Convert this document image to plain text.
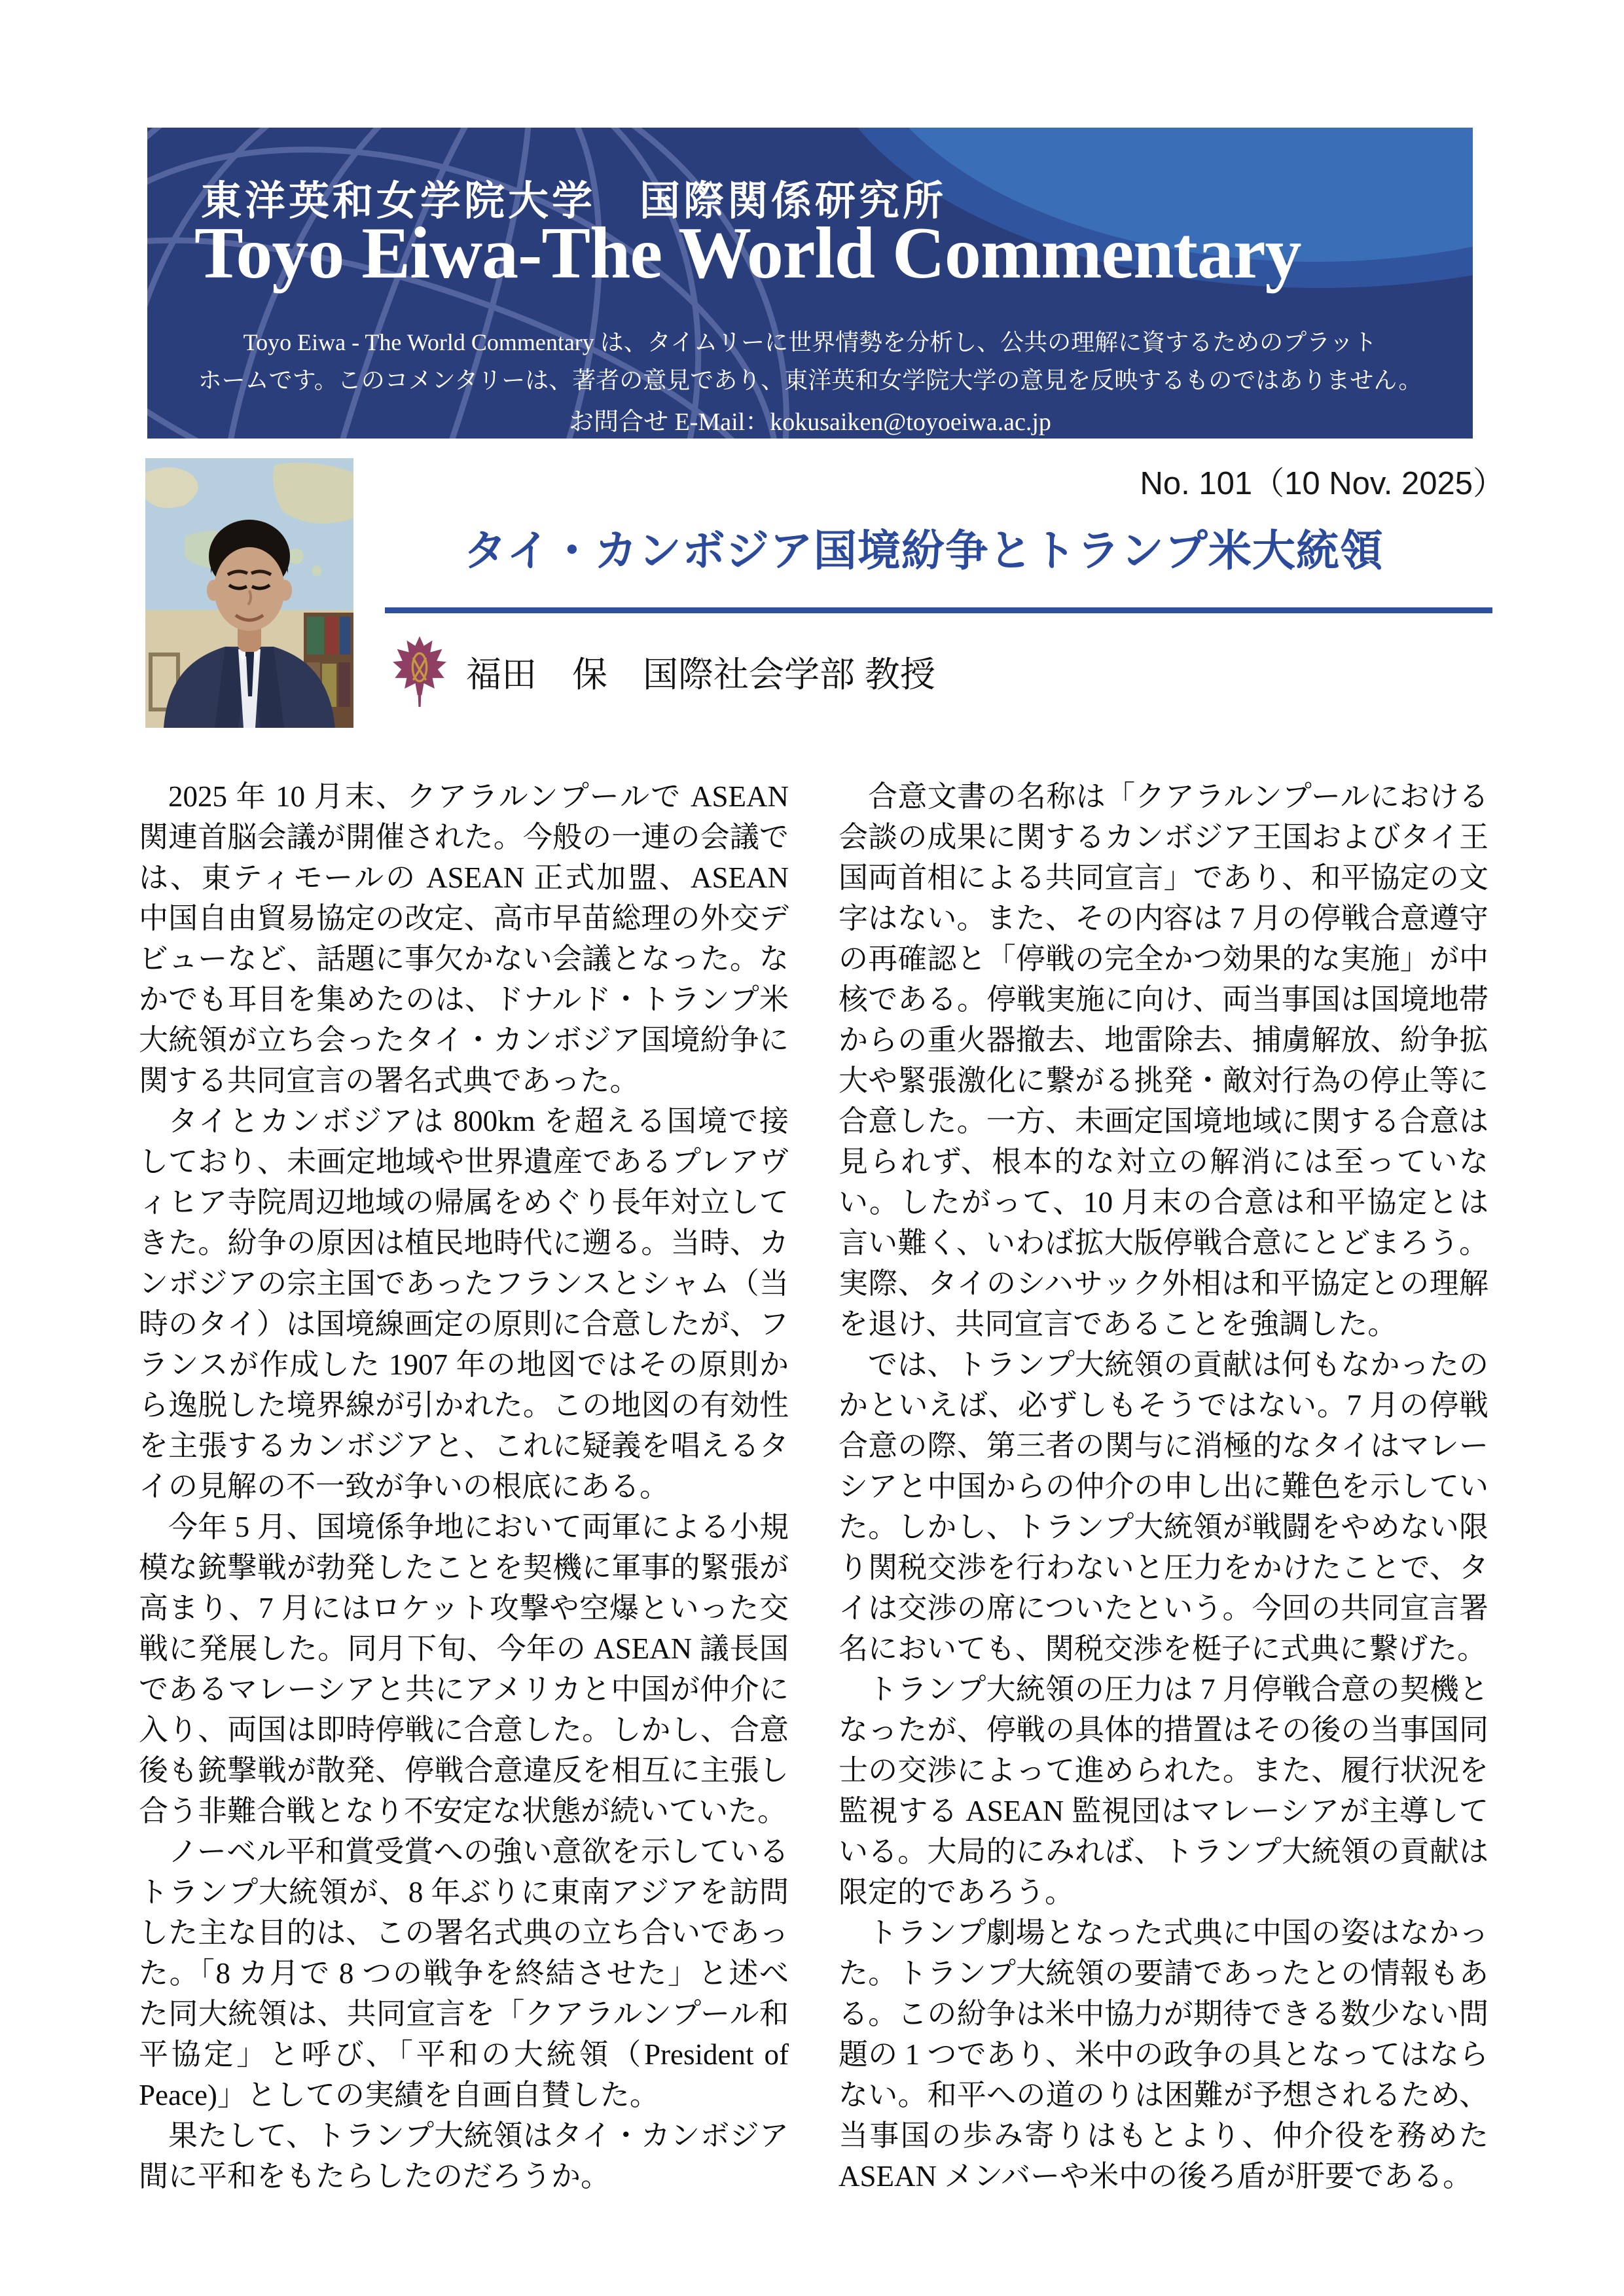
東洋英和女学院大学　国際関係研究所
Toyo Eiwa-The World Commentary
Toyo Eiwa - The World Commentary は、タイムリーに世界情勢を分析し、公共の理解に資するためのプラット
ホームです。このコメンタリーは、著者の意見であり、東洋英和女学院大学の意見を反映するものではありません。
お問合せ E-Mail：kokusaiken@toyoeiwa.ac.jp
No. 101（10 Nov. 2025）
タイ・カンボジア国境紛争とトランプ米大統領
福田　保　国際社会学部 教授

2025 年 10 月末、クアラルンプールで ASEAN 関連首脳会議が開催された。今般の一連の会議では、東ティモールの ASEAN 正式加盟、ASEAN 中国自由貿易協定の改定、高市早苗総理の外交デビューなど、話題に事欠かない会議となった。なかでも耳目を集めたのは、ドナルド・トランプ米大統領が立ち会ったタイ・カンボジア国境紛争に関する共同宣言の署名式典であった。

タイとカンボジアは 800km を超える国境で接しており、未画定地域や世界遺産であるプレアヴィヒア寺院周辺地域の帰属をめぐり長年対立してきた。紛争の原因は植民地時代に遡る。当時、カンボジアの宗主国であったフランスとシャム（当時のタイ）は国境線画定の原則に合意したが、フランスが作成した 1907 年の地図ではその原則から逸脱した境界線が引かれた。この地図の有効性を主張するカンボジアと、これに疑義を唱えるタイの見解の不一致が争いの根底にある。

今年 5 月、国境係争地において両軍による小規模な銃撃戦が勃発したことを契機に軍事的緊張が高まり、7 月にはロケット攻撃や空爆といった交戦に発展した。同月下旬、今年の ASEAN 議長国であるマレーシアと共にアメリカと中国が仲介に入り、両国は即時停戦に合意した。しかし、合意後も銃撃戦が散発、停戦合意違反を相互に主張し合う非難合戦となり不安定な状態が続いていた。

ノーベル平和賞受賞への強い意欲を示しているトランプ大統領が、8 年ぶりに東南アジアを訪問した主な目的は、この署名式典の立ち合いであった。「8 カ月で 8 つの戦争を終結させた」と述べた同大統領は、共同宣言を「クアラルンプール和平協定」と呼び、「平和の大統領（President of Peace)」としての実績を自画自賛した。

果たして、トランプ大統領はタイ・カンボジア間に平和をもたらしたのだろうか。

合意文書の名称は「クアラルンプールにおける会談の成果に関するカンボジア王国およびタイ王国両首相による共同宣言」であり、和平協定の文字はない。また、その内容は 7 月の停戦合意遵守の再確認と「停戦の完全かつ効果的な実施」が中核である。停戦実施に向け、両当事国は国境地帯からの重火器撤去、地雷除去、捕虜解放、紛争拡大や緊張激化に繋がる挑発・敵対行為の停止等に合意した。一方、未画定国境地域に関する合意は見られず、根本的な対立の解消には至っていない。したがって、10 月末の合意は和平協定とは言い難く、いわば拡大版停戦合意にとどまろう。実際、タイのシハサック外相は和平協定との理解を退け、共同宣言であることを強調した。

では、トランプ大統領の貢献は何もなかったのかといえば、必ずしもそうではない。7 月の停戦合意の際、第三者の関与に消極的なタイはマレーシアと中国からの仲介の申し出に難色を示していた。しかし、トランプ大統領が戦闘をやめない限り関税交渉を行わないと圧力をかけたことで、タイは交渉の席についたという。今回の共同宣言署名においても、関税交渉を梃子に式典に繋げた。

トランプ大統領の圧力は 7 月停戦合意の契機となったが、停戦の具体的措置はその後の当事国同士の交渉によって進められた。また、履行状況を監視する ASEAN 監視団はマレーシアが主導している。大局的にみれば、トランプ大統領の貢献は限定的であろう。

トランプ劇場となった式典に中国の姿はなかった。トランプ大統領の要請であったとの情報もある。この紛争は米中協力が期待できる数少ない問題の 1 つであり、米中の政争の具となってはならない。和平への道のりは困難が予想されるため、当事国の歩み寄りはもとより、仲介役を務めた ASEAN メンバーや米中の後ろ盾が肝要である。
